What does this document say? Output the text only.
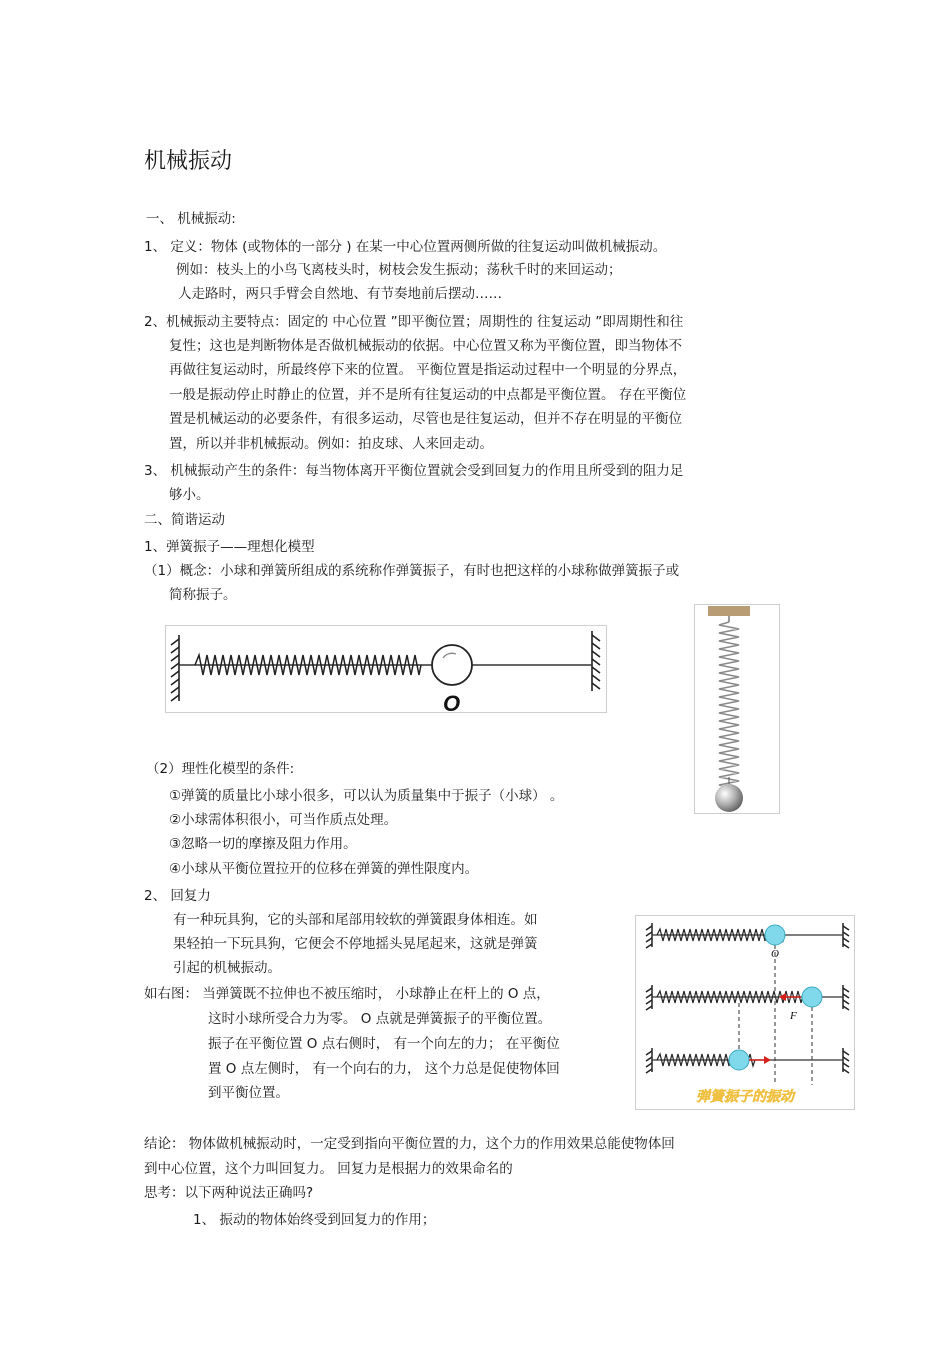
机械振动
一、 机械振动:
1、 定义：物体 (或物体的一部分 ) 在某一中心位置两侧所做的往复运动叫做机械振动。
例如：枝头上的小鸟飞离枝头时，树枝会发生振动；荡秋千时的来回运动；
人走路时，两只手臂会自然地、有节奏地前后摆动……
2、机械振动主要特点：固定的 中心位置 ”即平衡位置；周期性的 往复运动 ”即周期性和往
复性；这也是判断物体是否做机械振动的依据。中心位置又称为平衡位置，即当物体不
再做往复运动时，所最终停下来的位置。 平衡位置是指运动过程中一个明显的分界点，
一般是振动停止时静止的位置，并不是所有往复运动的中点都是平衡位置。 存在平衡位
置是机械运动的必要条件，有很多运动，尽管也是往复运动，但并不存在明显的平衡位
置，所以并非机械振动。例如：拍皮球、人来回走动。
3、 机械振动产生的条件：每当物体离开平衡位置就会受到回复力的作用且所受到的阻力足
够小。
二、简谐运动
1、弹簧振子——理想化模型
（1）概念：小球和弹簧所组成的系统称作弹簧振子，有时也把这样的小球称做弹簧振子或
简称振子。
O
（2）理性化模型的条件:
①弹簧的质量比小球小很多，可以认为质量集中于振子（小球） 。
②小球需体积很小，可当作质点处理。
③忽略一切的摩擦及阻力作用。
④小球从平衡位置拉开的位移在弹簧的弹性限度内。
2、 回复力
有一种玩具狗，它的头部和尾部用较软的弹簧跟身体相连。如
果轻拍一下玩具狗，它便会不停地摇头晃尾起来，这就是弹簧
引起的机械振动。
如右图： 当弹簧既不拉伸也不被压缩时， 小球静止在杆上的 O 点，
这时小球所受合力为零。 O 点就是弹簧振子的平衡位置。
振子在平衡位置 O 点右侧时， 有一个向左的力； 在平衡位
置 O 点左侧时， 有一个向右的力， 这个力总是促使物体回
到平衡位置。
O
F
弹簧振子的振动
结论： 物体做机械振动时，一定受到指向平衡位置的力，这个力的作用效果总能使物体回
到中心位置，这个力叫回复力。 回复力是根据力的效果命名的
思考：以下两种说法正确吗?
1、 振动的物体始终受到回复力的作用；
